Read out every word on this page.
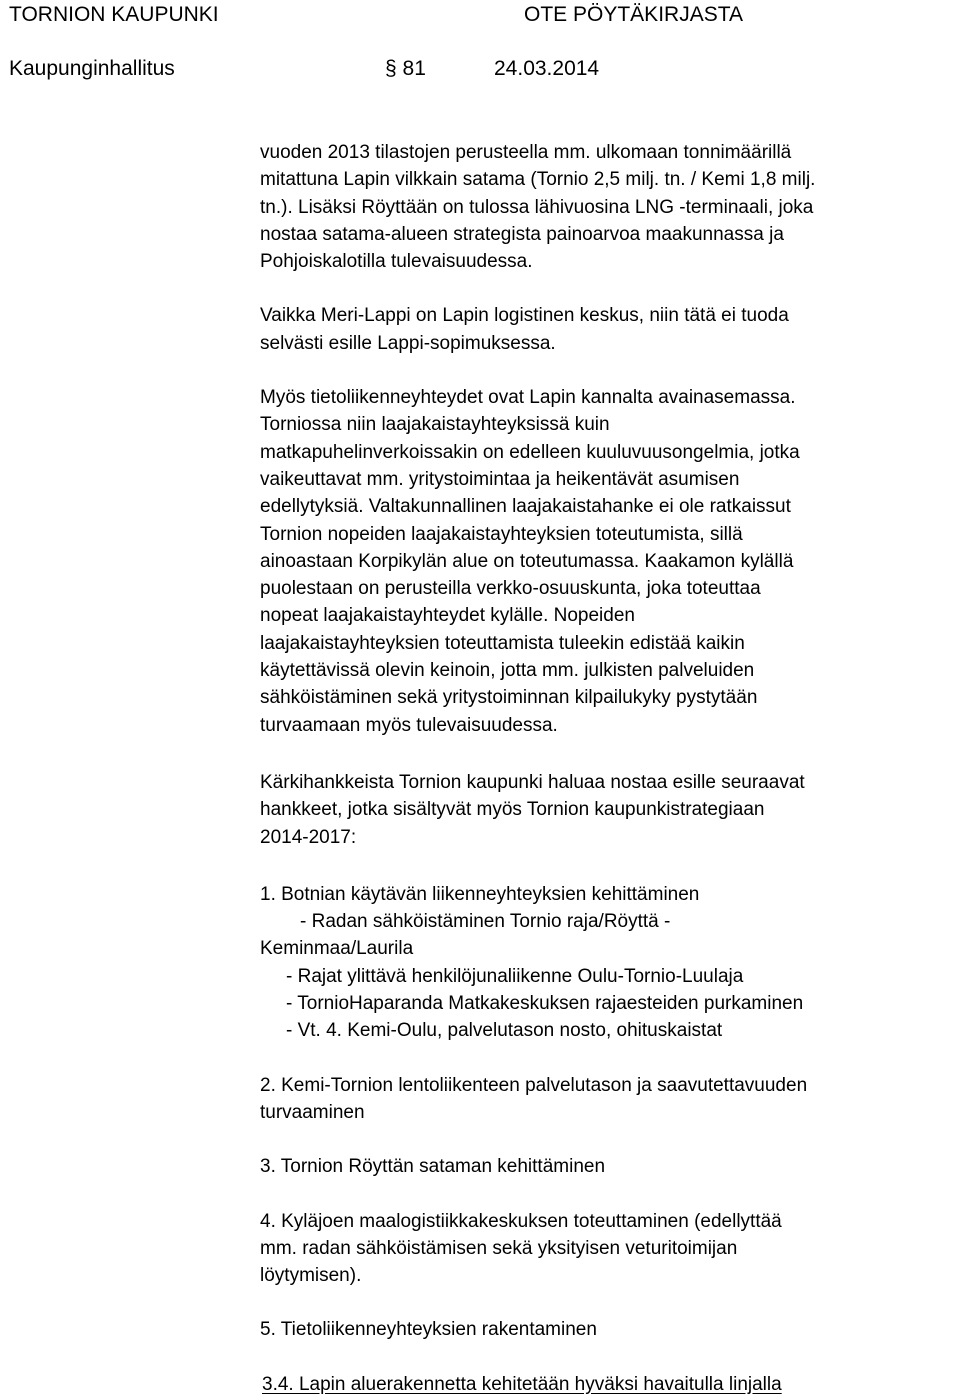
TORNION KAUPUNKI	OTE PÖYTÄKIRJASTA
Kaupunginhallitus	§ 81	24.03.2014

vuoden 2013 tilastojen perusteella mm. ulkomaan tonnimäärillä
mitattuna Lapin vilkkain satama (Tornio 2,5 milj. tn. / Kemi 1,8 milj.
tn.). Lisäksi Röyttään on tulossa lähivuosina LNG -terminaali, joka
nostaa satama-alueen strategista painoarvoa maakunnassa ja
Pohjoiskalotilla tulevaisuudessa.

Vaikka Meri-Lappi on Lapin logistinen keskus, niin tätä ei tuoda
selvästi esille Lappi-sopimuksessa.

Myös tietoliikenneyhteydet ovat Lapin kannalta avainasemassa.
Torniossa niin laajakaistayhteyksissä kuin
matkapuhelinverkoissakin on edelleen kuuluvuusongelmia, jotka
vaikeuttavat mm. yritystoimintaa ja heikentävät asumisen
edellytyksiä. Valtakunnallinen laajakaistahanke ei ole ratkaissut
Tornion nopeiden laajakaistayhteyksien toteutumista, sillä
ainoastaan Korpikylän alue on toteutumassa. Kaakamon kylällä
puolestaan on perusteilla verkko-osuuskunta, joka toteuttaa
nopeat laajakaistayhteydet kylälle. Nopeiden
laajakaistayhteyksien toteuttamista tuleekin edistää kaikin
käytettävissä olevin keinoin, jotta mm. julkisten palveluiden
sähköistäminen sekä yritystoiminnan kilpailukyky pystytään
turvaamaan myös tulevaisuudessa.

Kärkihankkeista Tornion kaupunki haluaa nostaa esille seuraavat
hankkeet, jotka sisältyvät myös Tornion kaupunkistrategiaan
2014-2017:

1. Botnian käytävän liikenneyhteyksien kehittäminen

- Radan sähköistäminen Tornio raja/Röyttä -

Keminmaa/Laurila

- Rajat ylittävä henkilöjunaliikenne Oulu-Tornio-Luulaja

- TornioHaparanda Matkakeskuksen rajaesteiden purkaminen

- Vt. 4. Kemi-Oulu, palvelutason nosto, ohituskaistat

2. Kemi-Tornion lentoliikenteen palvelutason ja saavutettavuuden
turvaaminen

3. Tornion Röyttän sataman kehittäminen

4. Kyläjoen maalogistiikkakeskuksen toteuttaminen (edellyttää
mm. radan sähköistämisen sekä yksityisen veturitoimijan
löytymisen).

5. Tietoliikenneyhteyksien rakentaminen

3.4. Lapin aluerakennetta kehitetään hyväksi havaitulla linjalla
